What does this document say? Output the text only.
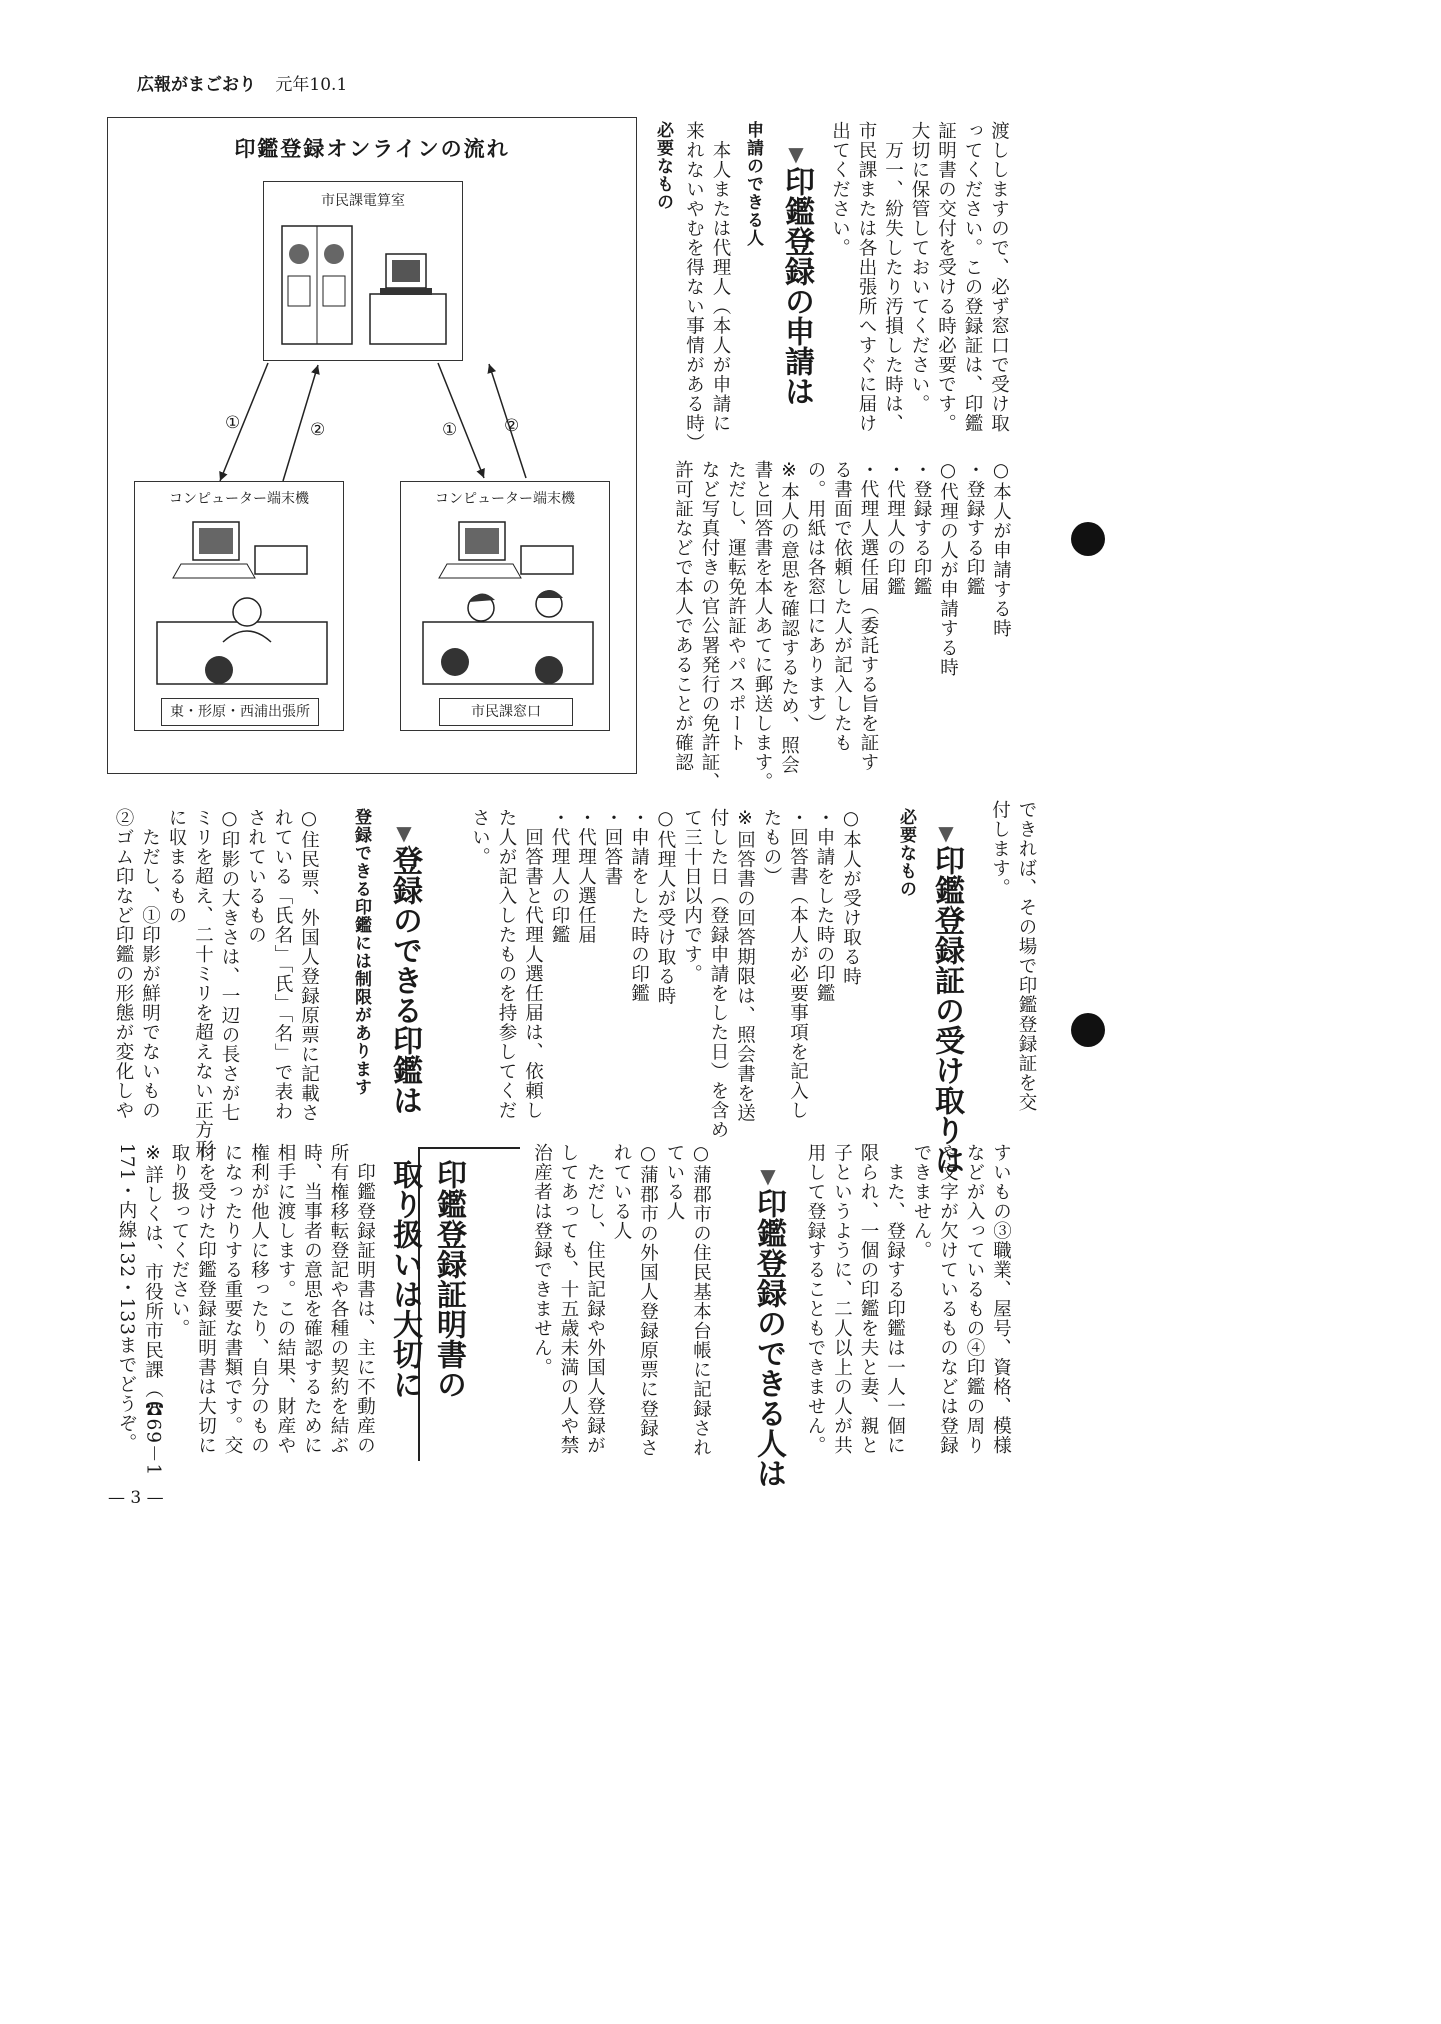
広報がまごおり 元年10.1
印鑑登録オンラインの流れ
市民課電算室
①	②	①	②
コンピューター端末機
東・形原・西浦出張所
コンピューター端末機
市民課窓口

渡ししますので、必ず窓口で受け取
ってください。この登録証は、印鑑
証明書の交付を受ける時必要です。
大切に保管しておいてください。
　万一、紛失したり汚損した時は、
市民課または各出張所へすぐに届け
出てください。

▼印鑑登録の申請は

申請のできる人

　本人または代理人（本人が申請に
来れないやむを得ない事情がある時）

必要なもの

○本人が申請する時
・登録する印鑑
○代理の人が申請する時
・登録する印鑑
・代理人の印鑑
・代理人選任届（委託する旨を証す
る書面で依頼した人が記入したも
の。用紙は各窓口にあります）
※本人の意思を確認するため、照会
書と回答書を本人あてに郵送します。
ただし、運転免許証やパスポート
など写真付きの官公署発行の免許証、
許可証などで本人であることが確認

できれば、その場で印鑑登録証を交
付します。

▼印鑑登録証の受け取りは

必要なもの

○本人が受け取る時
・申請をした時の印鑑
・回答書（本人が必要事項を記入し
たもの）
※回答書の回答期限は、照会書を送
付した日（登録申請をした日）を含め
て三十日以内です。
○代理人が受け取る時
・申請をした時の印鑑
・回答書
・代理人選任届
・代理人の印鑑
　回答書と代理人選任届は、依頼し
た人が記入したものを持参してくだ
さい。

▼登録のできる印鑑は

登録できる印鑑には制限があります

○住民票、外国人登録原票に記載さ
れている「氏名」「氏」「名」で表わ
されているもの
○印影の大きさは、一辺の長さが七
ミリを超え、二十ミリを超えない正方形
に収まるもの
　ただし、①印影が鮮明でないもの
②ゴム印など印鑑の形態が変化しや

すいもの③職業、屋号、資格、模様
などが入っているもの④印鑑の周り
や文字が欠けているものなどは登録
できません。
　また、登録する印鑑は一人一個に
限られ、一個の印鑑を夫と妻、親と
子というように、二人以上の人が共
用して登録することもできません。

▼印鑑登録のできる人は

○蒲郡市の住民基本台帳に記録され
ている人
○蒲郡市の外国人登録原票に登録さ
れている人
　ただし、住民記録や外国人登録が
してあっても、十五歳未満の人や禁
治産者は登録できません。

印鑑登録証明書の
取り扱いは大切に

　印鑑登録証明書は、主に不動産の
所有権移転登記や各種の契約を結ぶ
時、当事者の意思を確認するために
相手に渡します。この結果、財産や
権利が他人に移ったり、自分のもの
になったりする重要な書類です。交
付を受けた印鑑登録証明書は大切に
取り扱ってください。
※詳しくは、市役所市民課（☎69－1
171・内線132・133までどうぞ。

— 3 —
